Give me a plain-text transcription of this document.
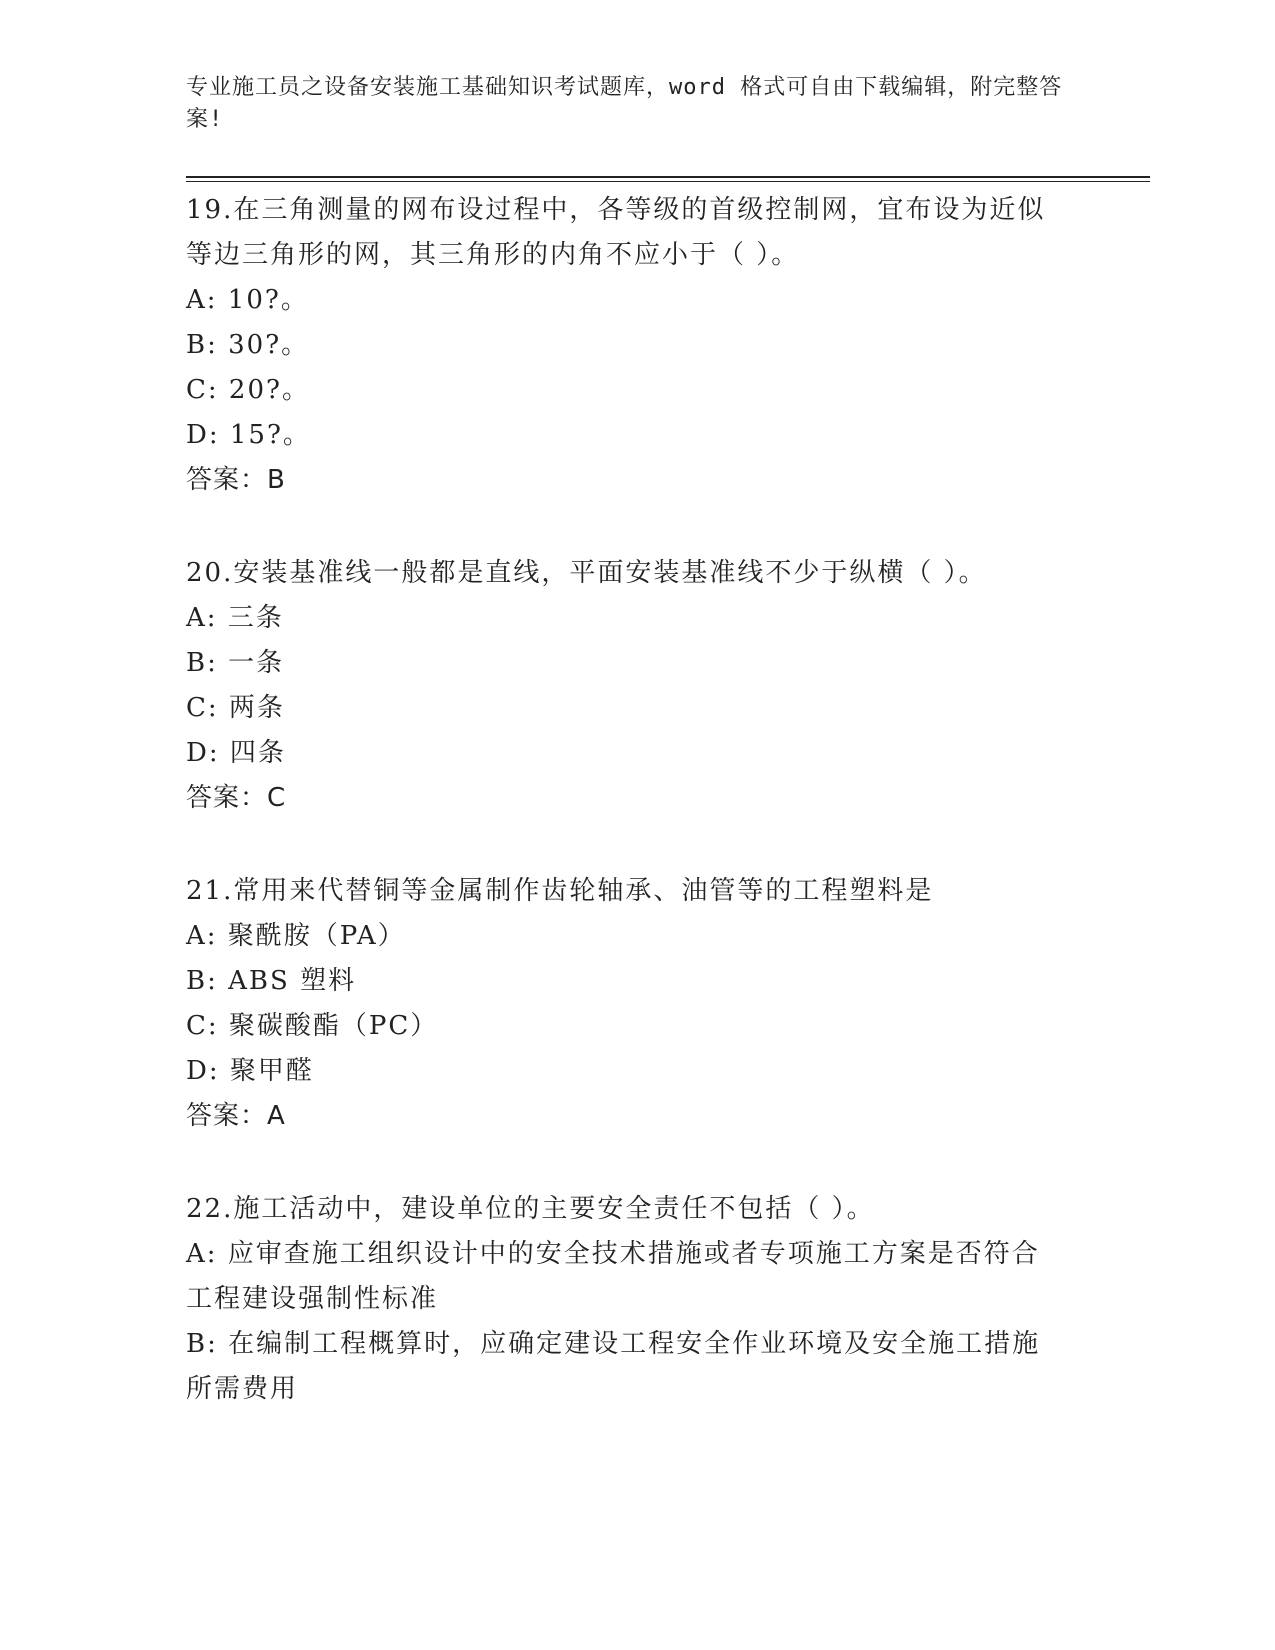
专业施工员之设备安装施工基础知识考试题库，word 格式可自由下载编辑，附完整答案!

19.在三角测量的网布设过程中，各等级的首级控制网，宜布设为近似等边三角形的网，其三角形的内角不应小于（ ）。

A: 10?。

B: 30?。

C: 20?。

D: 15?。

答案：B

20.安装基准线一般都是直线，平面安装基准线不少于纵横（ ）。

A: 三条

B: 一条

C: 两条

D: 四条

答案：C

21.常用来代替铜等金属制作齿轮轴承、油管等的工程塑料是

A: 聚酰胺（PA）

B: ABS 塑料

C: 聚碳酸酯（PC）

D: 聚甲醛

答案：A

22.施工活动中，建设单位的主要安全责任不包括（ ）。

A: 应审查施工组织设计中的安全技术措施或者专项施工方案是否符合工程建设强制性标准

B: 在编制工程概算时，应确定建设工程安全作业环境及安全施工措施所需费用
